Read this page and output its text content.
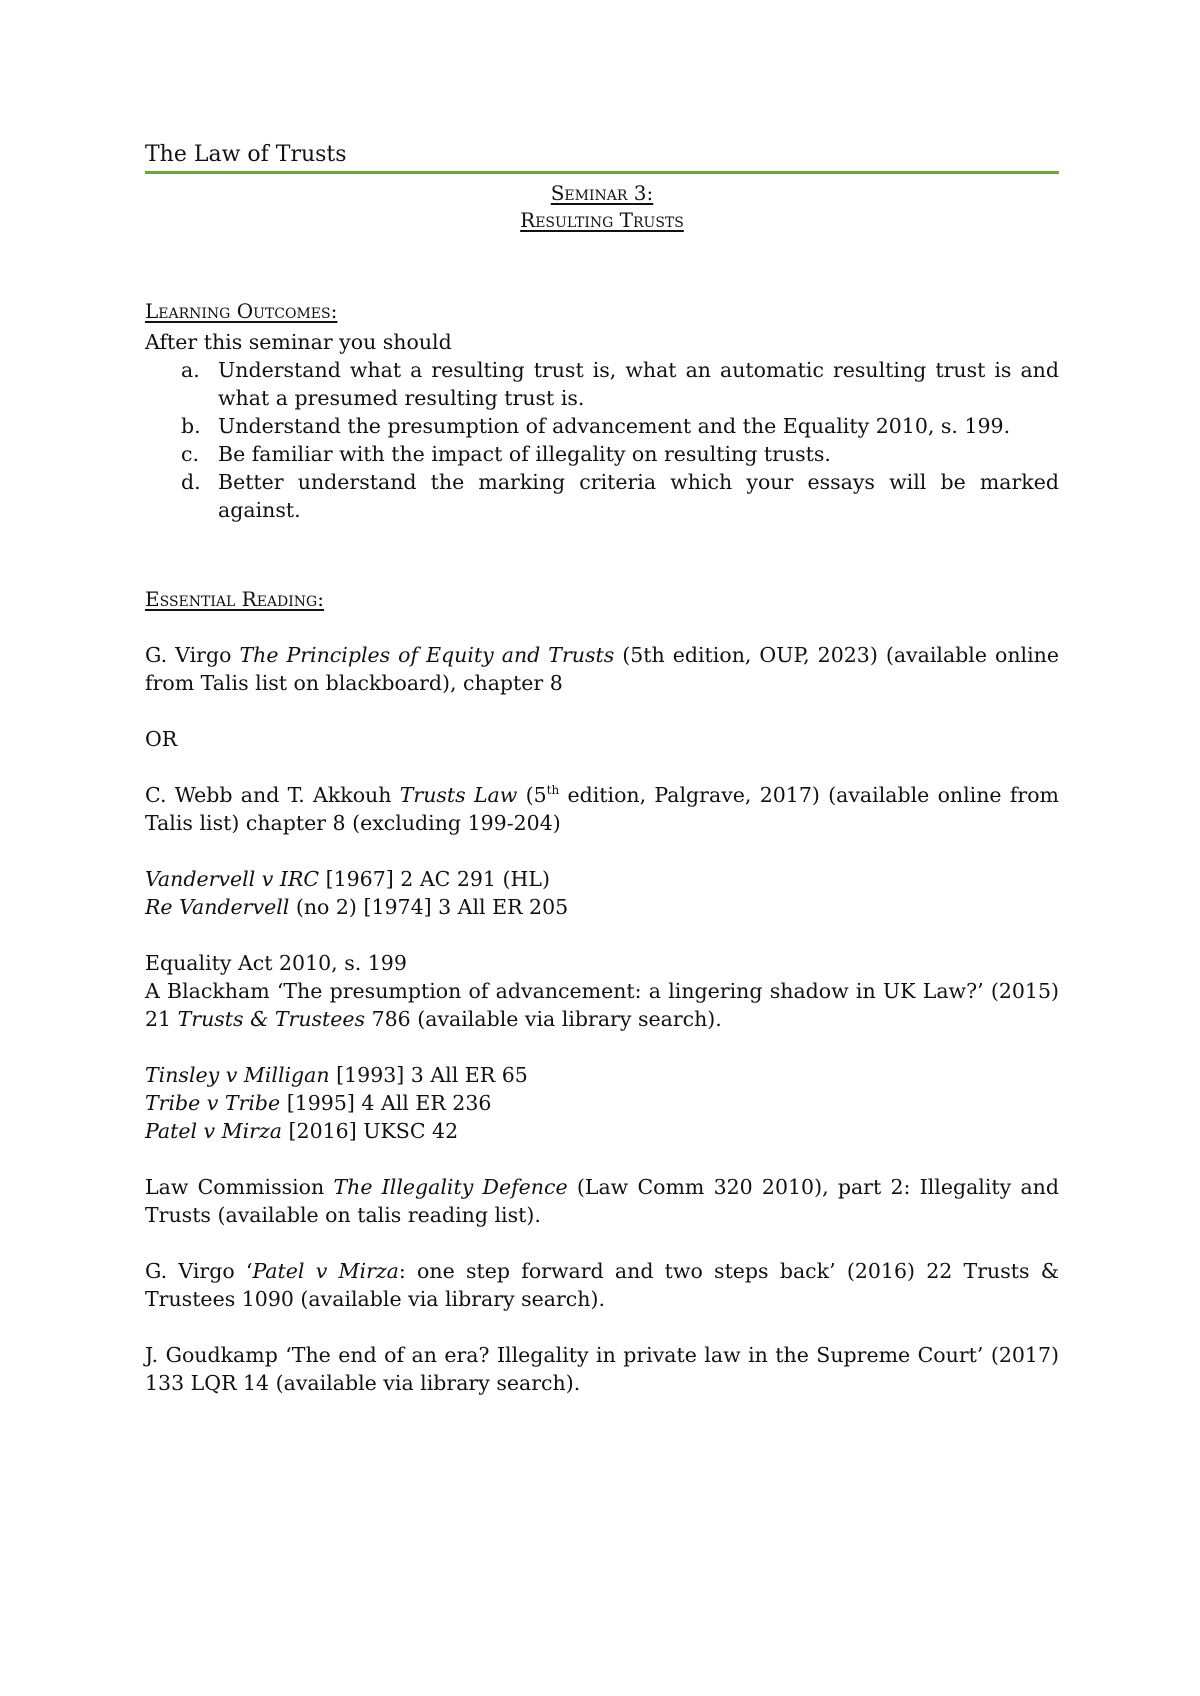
The Law of Trusts
Seminar 3:
Resulting Trusts
Learning Outcomes:

After this seminar you should

a. Understand what a resulting trust is, what an automatic resulting trust is and what a presumed resulting trust is.
b. Understand the presumption of advancement and the Equality 2010, s. 199.
c. Be familiar with the impact of illegality on resulting trusts.
d. Better understand the marking criteria which your essays will be marked against.
Essential Reading:

G. Virgo The Principles of Equity and Trusts (5th edition, OUP, 2023) (available online from Talis list on blackboard), chapter 8

OR

C. Webb and T. Akkouh Trusts Law (5th edition, Palgrave, 2017) (available online from Talis list) chapter 8 (excluding 199-204)

Vandervell v IRC [1967] 2 AC 291 (HL)

Re Vandervell (no 2) [1974] 3 All ER 205

Equality Act 2010, s. 199

A Blackham ‘The presumption of advancement: a lingering shadow in UK Law?’ (2015) 21 Trusts & Trustees 786 (available via library search).

Tinsley v Milligan [1993] 3 All ER 65

Tribe v Tribe [1995] 4 All ER 236

Patel v Mirza [2016] UKSC 42

Law Commission The Illegality Defence (Law Comm 320 2010), part 2: Illegality and Trusts (available on talis reading list).

G. Virgo ‘Patel v Mirza: one step forward and two steps back’ (2016) 22 Trusts & Trustees 1090 (available via library search).

J. Goudkamp ‘The end of an era? Illegality in private law in the Supreme Court’ (2017) 133 LQR 14 (available via library search).
